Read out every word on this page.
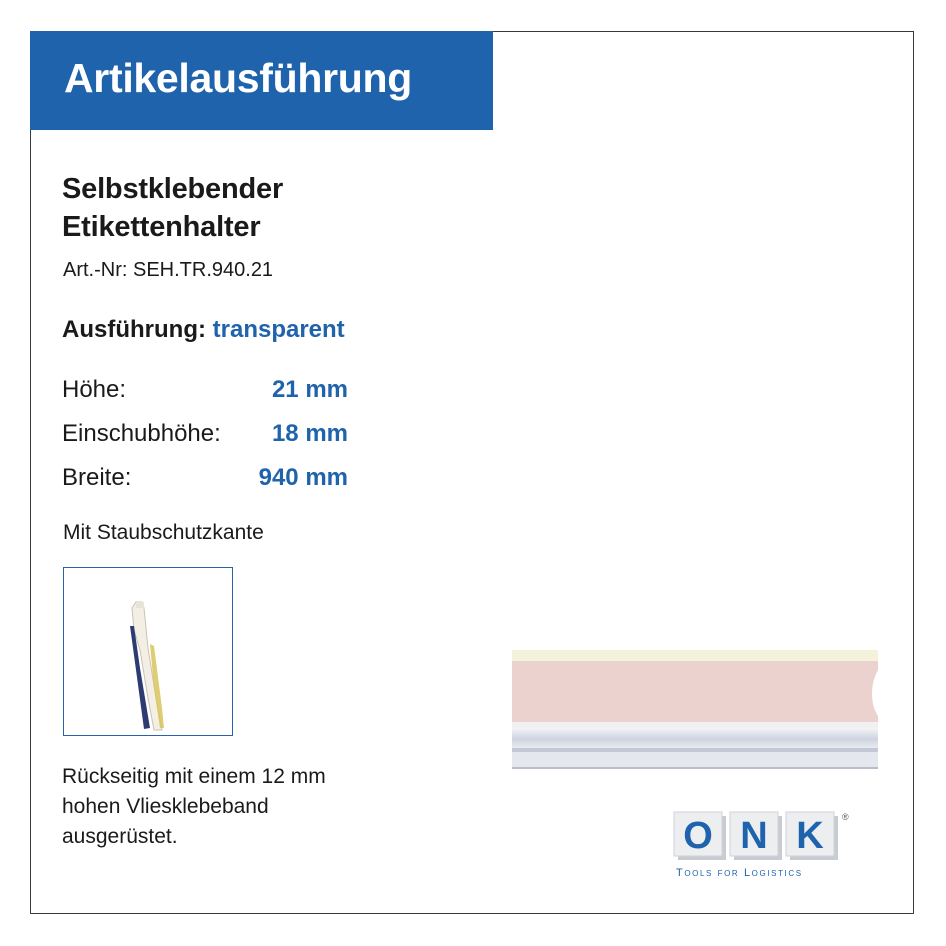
Artikelausführung
Selbstklebender
Etikettenhalter
Art.-Nr: SEH.TR.940.21
Ausführung: transparent
Höhe:	21 mm
Einschubhöhe: 18 mm
Breite:	940 mm
Mit Staubschutzkante
Rückseitig mit einem 12 mm
hohen Vliesklebeband
ausgerüstet.	O N K ®
Tools for Logistics
